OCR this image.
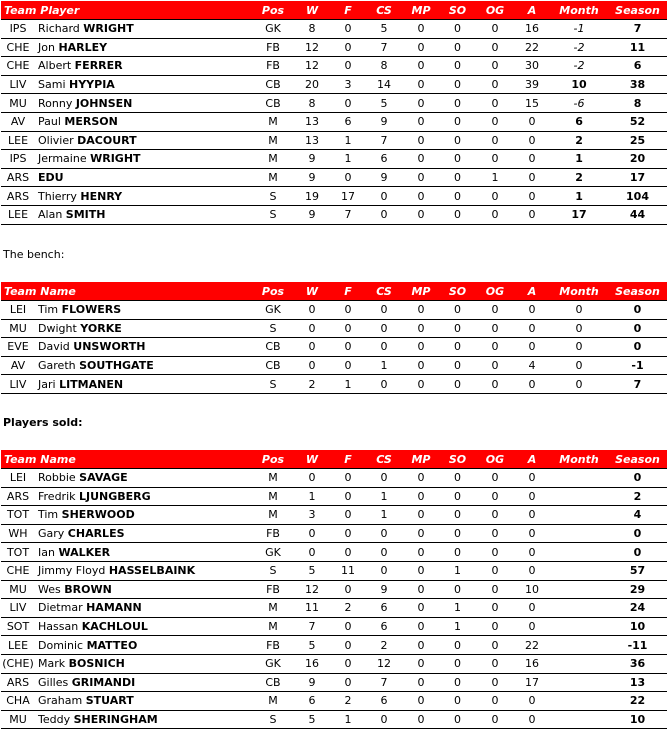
Team Player		Pos	W	F	CS	MP	SO	OG	A	Month	Season
IPS	Richard WRIGHT	GK	8	0	5	0	0	0	16	-1	7
CHE	Jon HARLEY	FB	12	0	7	0	0	0	22	-2	11
CHE	Albert FERRER	FB	12	0	8	0	0	0	30	-2	6
LIV	Sami HYYPIA	CB	20	3	14	0	0	0	39	10	38
MU	Ronny JOHNSEN	CB	8	0	5	0	0	0	15	-6	8
AV	Paul MERSON	M	13	6	9	0	0	0	0	6	52
LEE	Olivier DACOURT	M	13	1	7	0	0	0	0	2	25
IPS	Jermaine WRIGHT	M	9	1	6	0	0	0	0	1	20
ARS	EDU	M	9	0	9	0	0	1	0	2	17
ARS	Thierry HENRY	S	19	17	0	0	0	0	0	1	104
LEE	Alan SMITH	S	9	7	0	0	0	0	0	17	44
The bench:
Team Name		Pos	W	F	CS	MP	SO	OG	A	Month	Season
LEI	Tim FLOWERS	GK	0	0	0	0	0	0	0	0	0
MU	Dwight YORKE	S	0	0	0	0	0	0	0	0	0
EVE	David UNSWORTH	CB	0	0	0	0	0	0	0	0	0
AV	Gareth SOUTHGATE	CB	0	0	1	0	0	0	4	0	-1
LIV	Jari LITMANEN	S	2	1	0	0	0	0	0	0	7
Players sold:
Team Name		Pos	W	F	CS	MP	SO	OG	A	Month	Season
LEI	Robbie SAVAGE	M	0	0	0	0	0	0	0		0
ARS	Fredrik LJUNGBERG	M	1	0	1	0	0	0	0		2
TOT	Tim SHERWOOD	M	3	0	1	0	0	0	0		4
WH	Gary CHARLES	FB	0	0	0	0	0	0	0		0
TOT	Ian WALKER	GK	0	0	0	0	0	0	0		0
CHE	Jimmy Floyd HASSELBAINK	S	5	11	0	0	1	0	0		57
MU	Wes BROWN	FB	12	0	9	0	0	0	10		29
LIV	Dietmar HAMANN	M	11	2	6	0	1	0	0		24
SOT	Hassan KACHLOUL	M	7	0	6	0	1	0	0		10
LEE	Dominic MATTEO	FB	5	0	2	0	0	0	22		-11
(CHE)	Mark BOSNICH	GK	16	0	12	0	0	0	16		36
ARS	Gilles GRIMANDI	CB	9	0	7	0	0	0	17		13
CHA	Graham STUART	M	6	2	6	0	0	0	0		22
MU	Teddy SHERINGHAM	S	5	1	0	0	0	0	0		10
